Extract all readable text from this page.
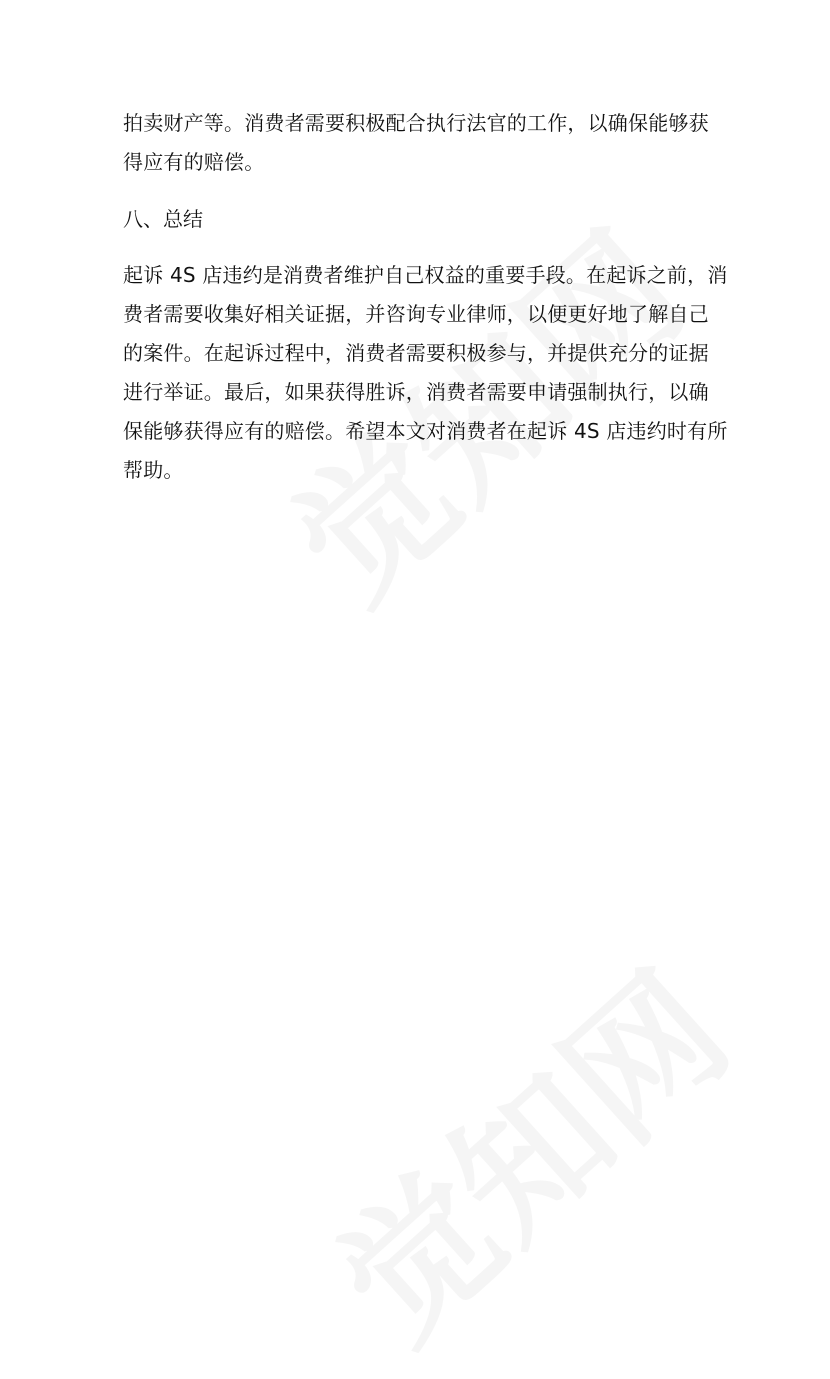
拍卖财产等。消费者需要积极配合执行法官的工作，以确保能够获
得应有的赔偿。

八、总结

起诉 4S 店违约是消费者维护自己权益的重要手段。在起诉之前，消
费者需要收集好相关证据，并咨询专业律师，以便更好地了解自己
的案件。在起诉过程中，消费者需要积极参与，并提供充分的证据
进行举证。最后，如果获得胜诉，消费者需要申请强制执行，以确
保能够获得应有的赔偿。希望本文对消费者在起诉 4S 店违约时有所
帮助。
